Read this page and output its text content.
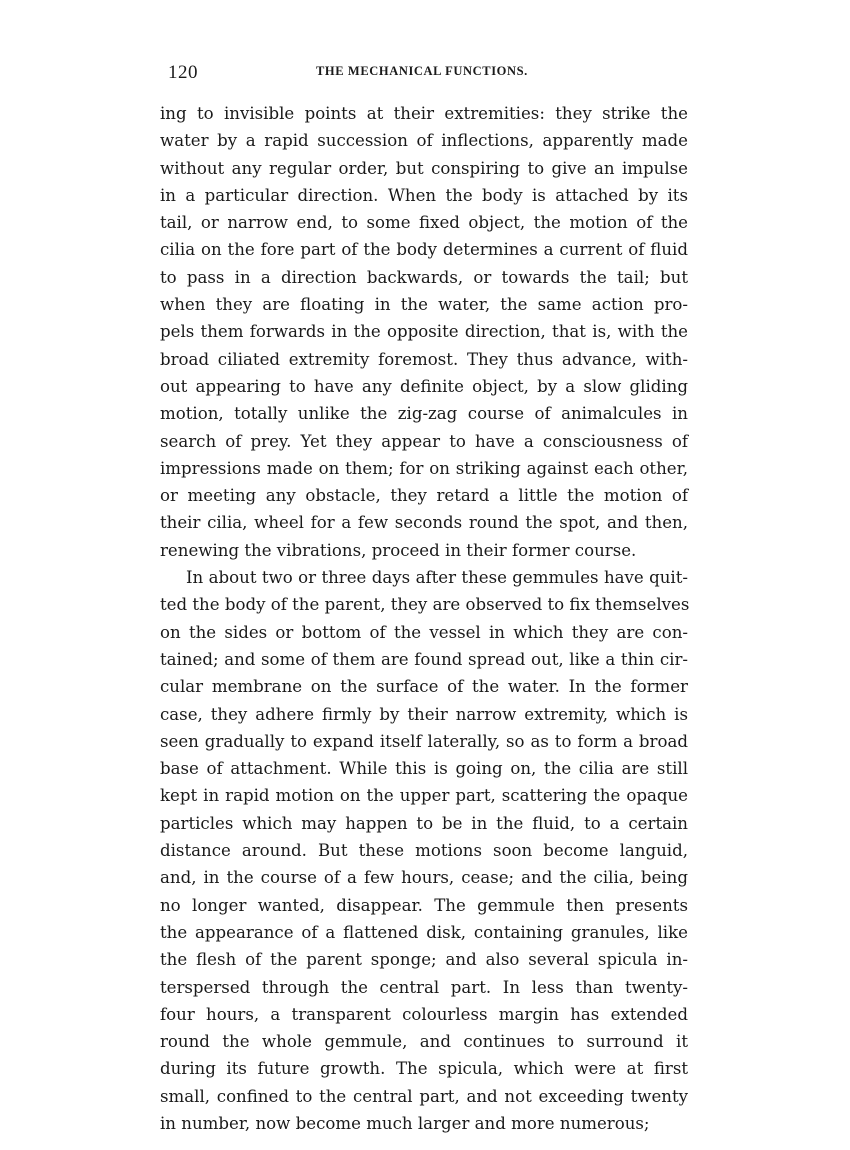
120	THE MECHANICAL FUNCTIONS.
ing to invisible points at their extremities: they strike the
water by a rapid succession of inflections, apparently made
without any regular order, but conspiring to give an impulse
in a particular direction. When the body is attached by its
tail, or narrow end, to some fixed object, the motion of the
cilia on the fore part of the body determines a current of fluid
to pass in a direction backwards, or towards the tail; but
when they are floating in the water, the same action pro-
pels them forwards in the opposite direction, that is, with the
broad ciliated extremity foremost. They thus advance, with-
out appearing to have any definite object, by a slow gliding
motion, totally unlike the zig-zag course of animalcules in
search of prey. Yet they appear to have a consciousness of
impressions made on them; for on striking against each other,
or meeting any obstacle, they retard a little the motion of
their cilia, wheel for a few seconds round the spot, and then,
renewing the vibrations, proceed in their former course.
In about two or three days after these gemmules have quit-
ted the body of the parent, they are observed to fix themselves
on the sides or bottom of the vessel in which they are con-
tained; and some of them are found spread out, like a thin cir-
cular membrane on the surface of the water. In the former
case, they adhere firmly by their narrow extremity, which is
seen gradually to expand itself laterally, so as to form a broad
base of attachment. While this is going on, the cilia are still
kept in rapid motion on the upper part, scattering the opaque
particles which may happen to be in the fluid, to a certain
distance around. But these motions soon become languid,
and, in the course of a few hours, cease; and the cilia, being
no longer wanted, disappear. The gemmule then presents
the appearance of a flattened disk, containing granules, like
the flesh of the parent sponge; and also several spicula in-
terspersed through the central part. In less than twenty-
four hours, a transparent colourless margin has extended
round the whole gemmule, and continues to surround it
during its future growth. The spicula, which were at first
small, confined to the central part, and not exceeding twenty
in number, now become much larger and more numerous;
